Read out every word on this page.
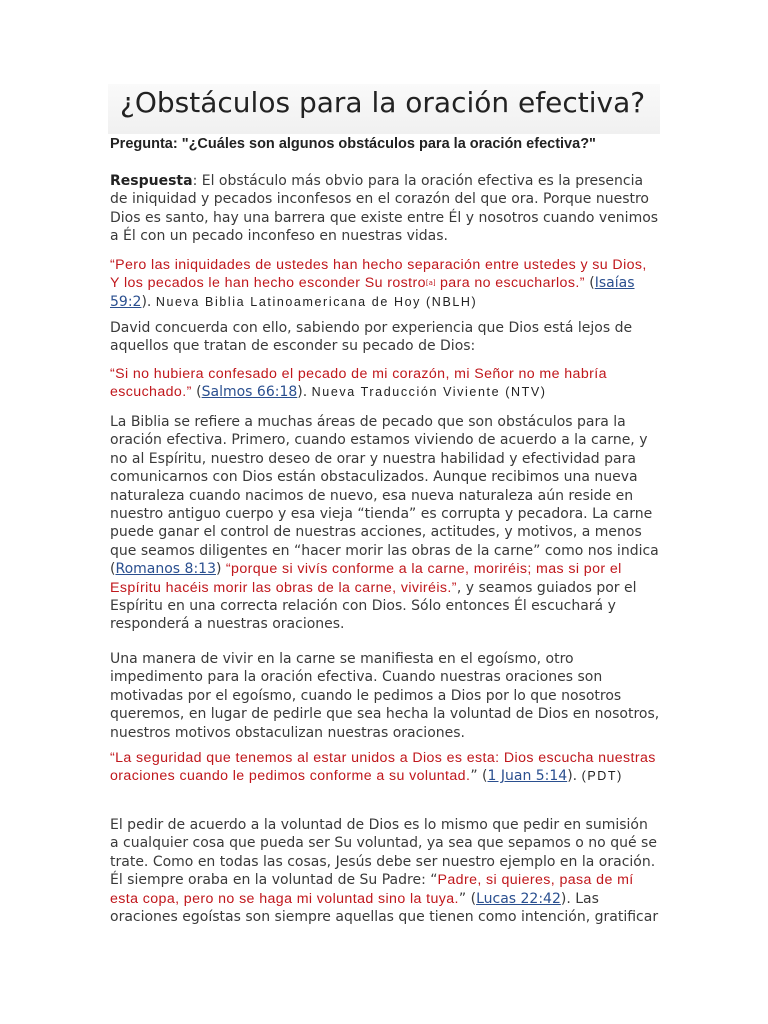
¿Obstáculos para la oración efectiva?
Pregunta: "¿Cuáles son algunos obstáculos para la oración efectiva?"

Respuesta: El obstáculo más obvio para la oración efectiva es la presencia de iniquidad y pecados inconfesos en el corazón del que ora. Porque nuestro Dios es santo, hay una barrera que existe entre Él y nosotros cuando venimos a Él con un pecado inconfeso en nuestras vidas.

“Pero las iniquidades de ustedes han hecho separación entre ustedes y su Dios, Y los pecados le han hecho esconder Su rostro[a] para no escucharlos.” (Isaías 59:2). Nueva Biblia Latinoamericana de Hoy (NBLH)

David concuerda con ello, sabiendo por experiencia que Dios está lejos de aquellos que tratan de esconder su pecado de Dios:

“Si no hubiera confesado el pecado de mi corazón, mi Señor no me habría escuchado.” (Salmos 66:18). Nueva Traducción Viviente (NTV)

La Biblia se refiere a muchas áreas de pecado que son obstáculos para la oración efectiva. Primero, cuando estamos viviendo de acuerdo a la carne, y no al Espíritu, nuestro deseo de orar y nuestra habilidad y efectividad para comunicarnos con Dios están obstaculizados. Aunque recibimos una nueva naturaleza cuando nacimos de nuevo, esa nueva naturaleza aún reside en nuestro antiguo cuerpo y esa vieja “tienda” es corrupta y pecadora. La carne puede ganar el control de nuestras acciones, actitudes, y motivos, a menos que seamos diligentes en “hacer morir las obras de la carne” como nos indica (Romanos 8:13) “porque si vivís conforme a la carne, moriréis; mas si por el Espíritu hacéis morir las obras de la carne, viviréis.”, y seamos guiados por el Espíritu en una correcta relación con Dios. Sólo entonces Él escuchará y responderá a nuestras oraciones.

Una manera de vivir en la carne se manifiesta en el egoísmo, otro impedimento para la oración efectiva. Cuando nuestras oraciones son motivadas por el egoísmo, cuando le pedimos a Dios por lo que nosotros queremos, en lugar de pedirle que sea hecha la voluntad de Dios en nosotros, nuestros motivos obstaculizan nuestras oraciones.

“La seguridad que tenemos al estar unidos a Dios es esta: Dios escucha nuestras oraciones cuando le pedimos conforme a su voluntad.” (1 Juan 5:14). (PDT)

El pedir de acuerdo a la voluntad de Dios es lo mismo que pedir en sumisión a cualquier cosa que pueda ser Su voluntad, ya sea que sepamos o no qué se trate. Como en todas las cosas, Jesús debe ser nuestro ejemplo en la oración. Él siempre oraba en la voluntad de Su Padre: “Padre, si quieres, pasa de mí esta copa, pero no se haga mi voluntad sino la tuya.” (Lucas 22:42). Las oraciones egoístas son siempre aquellas que tienen como intención, gratificar
